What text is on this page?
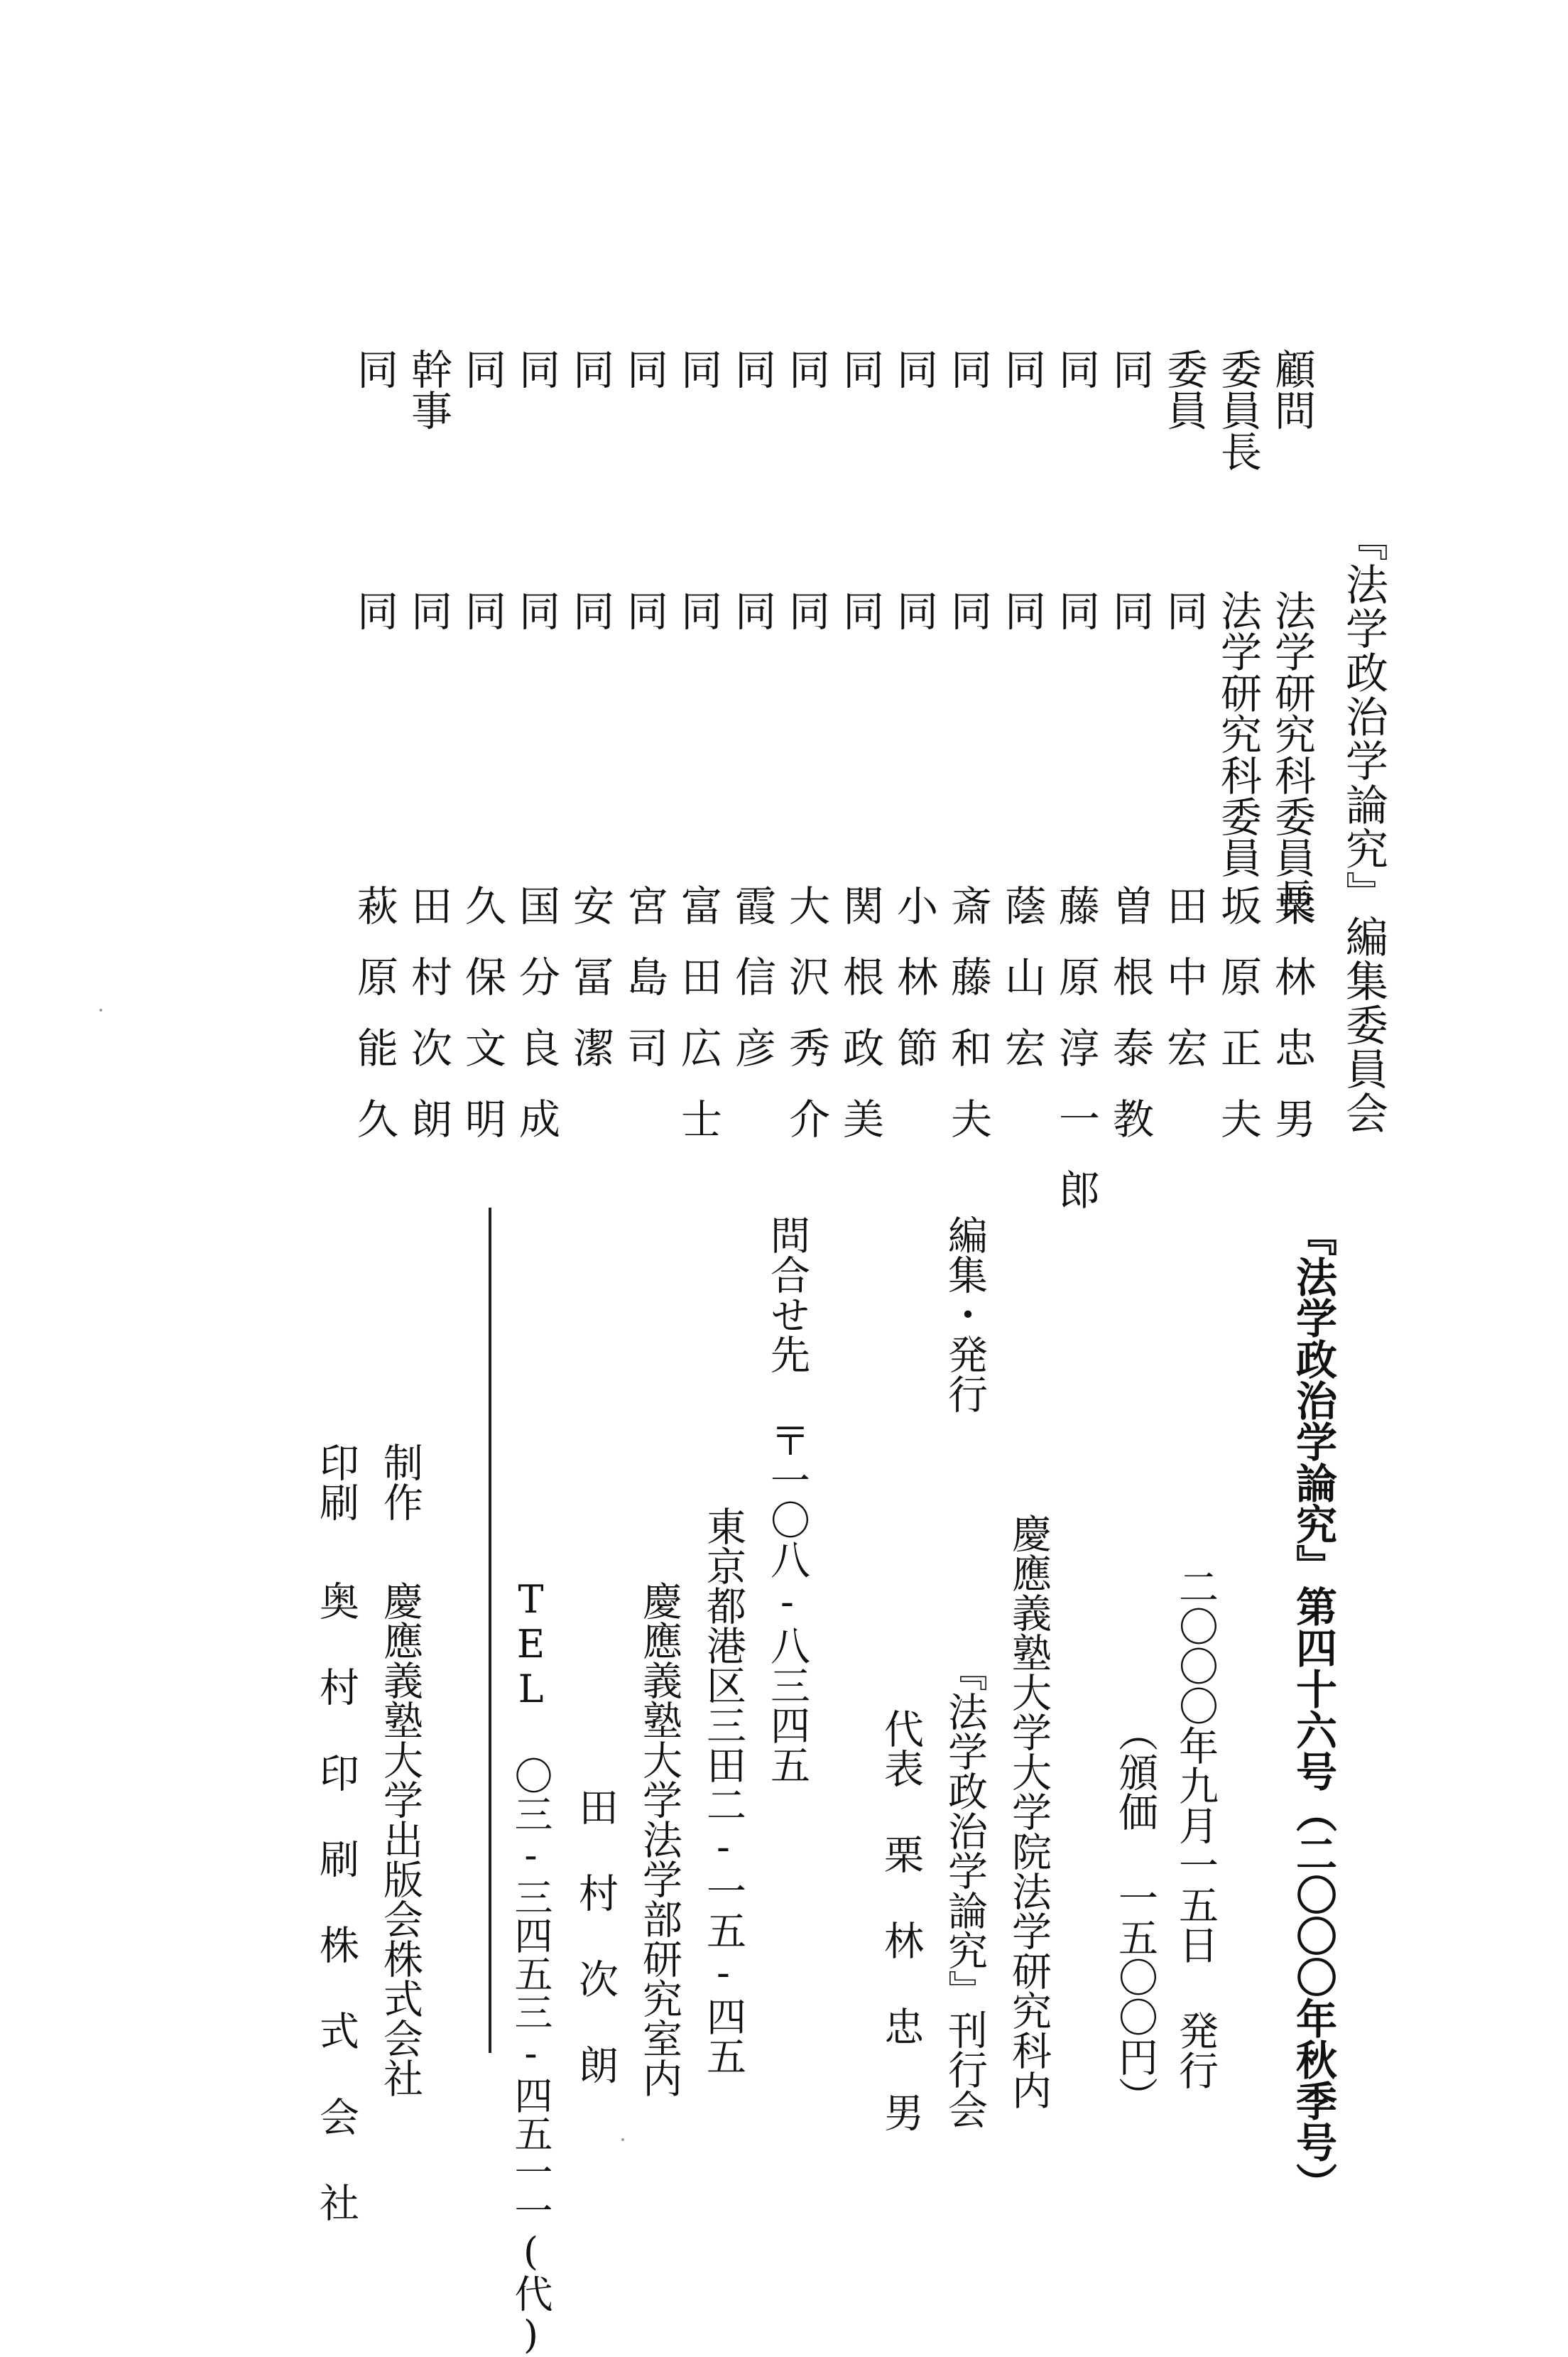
『法学政治学論究』編集委員会
顧問
法学研究科委員長
栗林忠男
委員長
法学研究科委員
坂原正夫
委員
同
田中宏
同
同
曽根泰教
同
同
藤原淳一郎
同
同
蔭山宏
同
同
斎藤和夫
同
同
小林節
同
同
関根政美
同
同
大沢秀介
同
同
霞信彦
同
同
富田広士
同
同
宮島司
同
同
安冨潔
同
同
国分良成
同
同
久保文明
幹事
同
田村次朗
同
同
萩原能久
『法学政治学論究』第四十六号（二〇〇〇年秋季号）
二〇〇〇年九月一五日 発行
（頒価 一五〇〇円）
編集・発行
慶應義塾大学大学院法学研究科内
『法学政治学論究』刊行会
代表 栗 林 忠 男
問合せ先 〒一〇八-八三四五
東京都港区三田二-一五-四五
慶應義塾大学法学部研究室内
田 村 次 朗
TEL 〇三-三四五三-四五一一(代)
制作
慶應義塾大学出版会株式会社
印刷
奥 村 印 刷 株 式 会 社
